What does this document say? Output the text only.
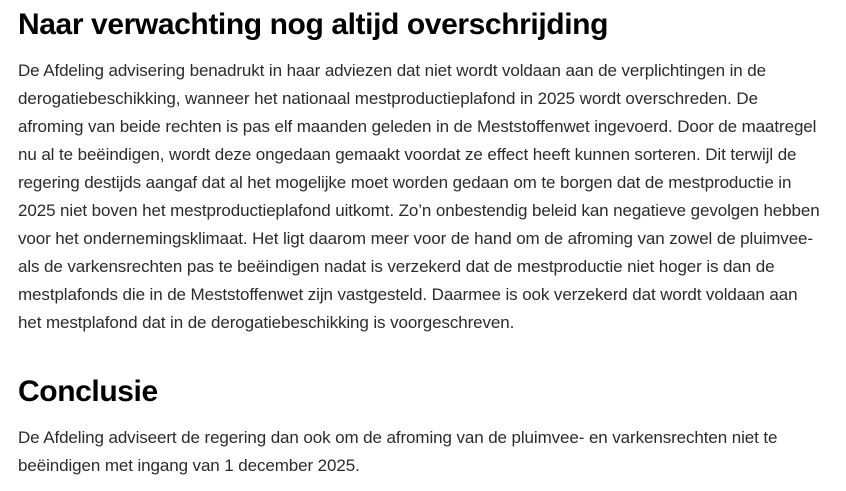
Naar verwachting nog altijd overschrijding

De Afdeling advisering benadrukt in haar adviezen dat niet wordt voldaan aan de verplichtingen in de derogatiebeschikking, wanneer het nationaal mestproductieplafond in 2025 wordt overschreden. De afroming van beide rechten is pas elf maanden geleden in de Meststoffenwet ingevoerd. Door de maatregel nu al te beëindigen, wordt deze ongedaan gemaakt voordat ze effect heeft kunnen sorteren. Dit terwijl de regering destijds aangaf dat al het mogelijke moet worden gedaan om te borgen dat de mestproductie in 2025 niet boven het mestproductieplafond uitkomt. Zo’n onbestendig beleid kan negatieve gevolgen hebben voor het ondernemingsklimaat. Het ligt daarom meer voor de hand om de afroming van zowel de pluimvee- als de varkensrechten pas te beëindigen nadat is verzekerd dat de mestproductie niet hoger is dan de mestplafonds die in de Meststoffenwet zijn vastgesteld. Daarmee is ook verzekerd dat wordt voldaan aan het mestplafond dat in de derogatiebeschikking is voorgeschreven.

Conclusie

De Afdeling adviseert de regering dan ook om de afroming van de pluimvee- en varkensrechten niet te beëindigen met ingang van 1 december 2025.
